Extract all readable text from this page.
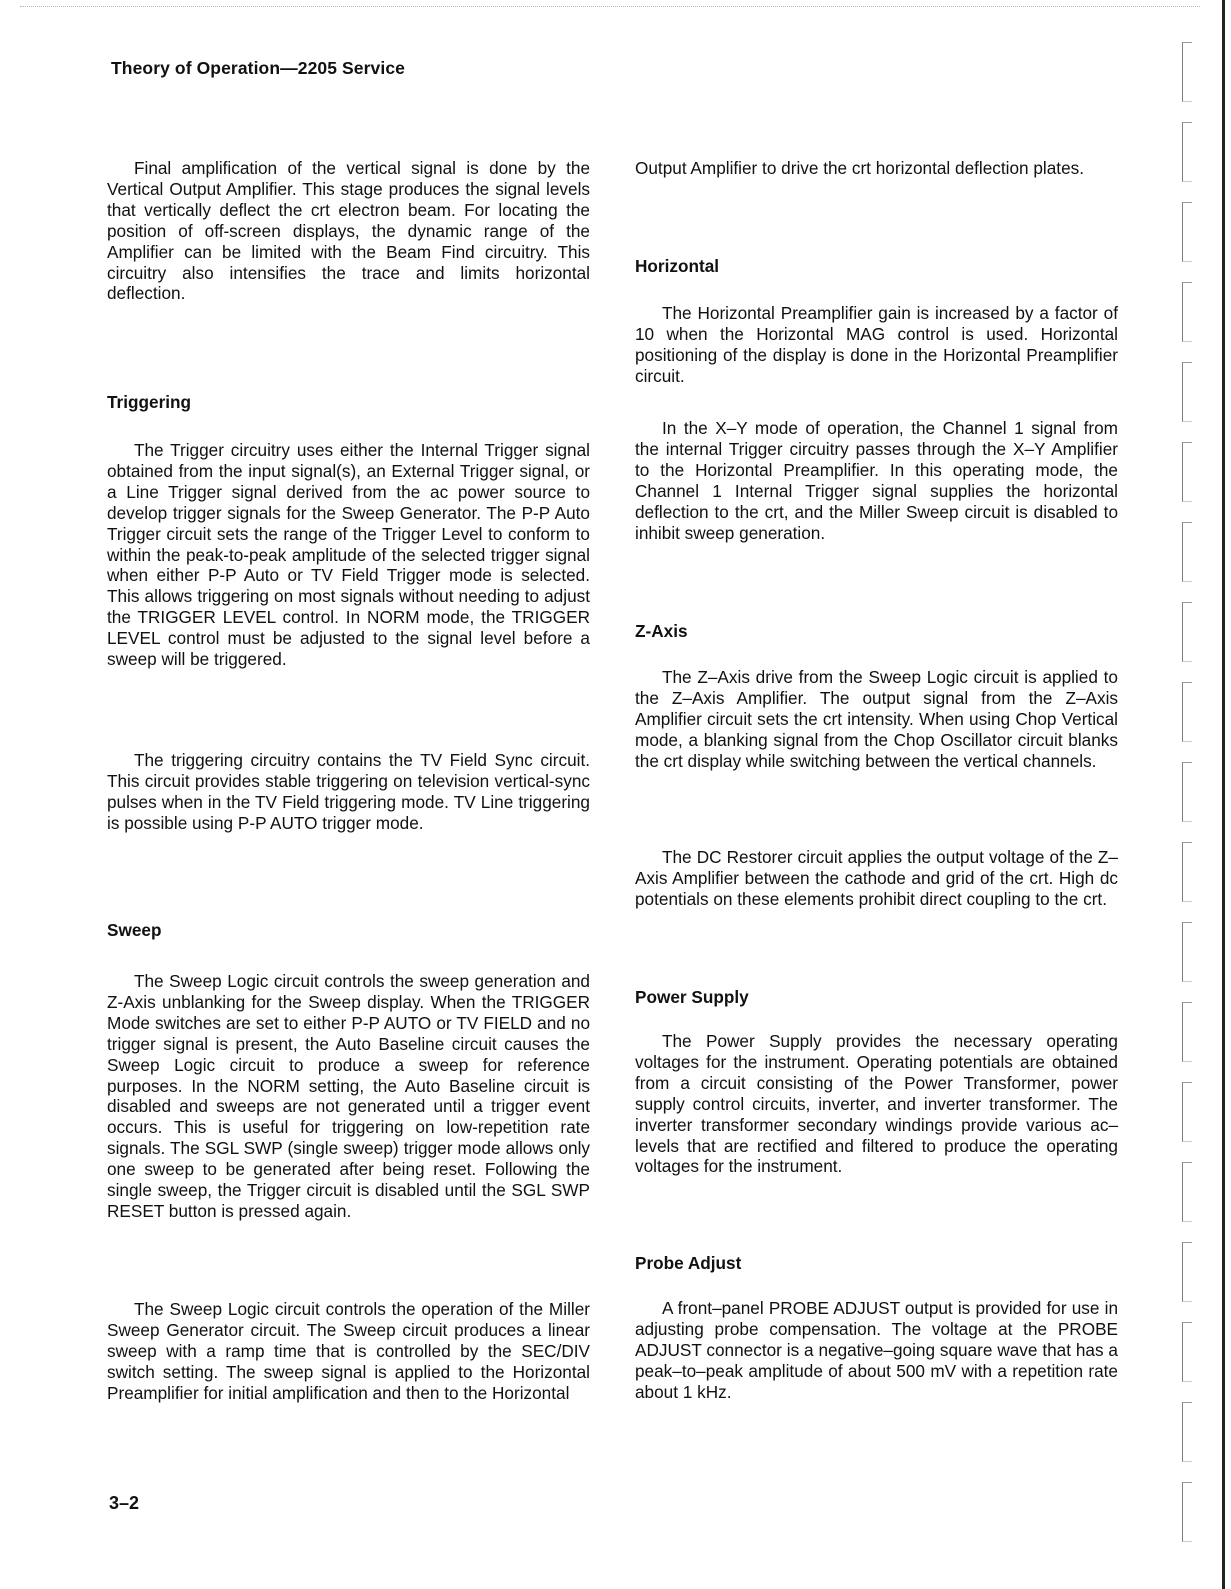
Theory of Operation—2205 Service

Final amplification of the vertical signal is done by the Vertical Output Amplifier. This stage produces the signal levels that vertically deflect the crt electron beam. For locating the position of off-screen displays, the dynamic range of the Amplifier can be limited with the Beam Find circuitry. This circuitry also intensifies the trace and limits horizontal deflection.

Triggering

The Trigger circuitry uses either the Internal Trigger signal obtained from the input signal(s), an External Trigger signal, or a Line Trigger signal derived from the ac power source to develop trigger signals for the Sweep Generator. The P-P Auto Trigger circuit sets the range of the Trigger Level to conform to within the peak-to-peak amplitude of the selected trigger signal when either P-P Auto or TV Field Trigger mode is selected. This allows triggering on most signals without needing to adjust the TRIGGER LEVEL control. In NORM mode, the TRIGGER LEVEL control must be adjusted to the signal level before a sweep will be triggered.

The triggering circuitry contains the TV Field Sync circuit. This circuit provides stable triggering on television vertical-sync pulses when in the TV Field triggering mode. TV Line triggering is possible using P-P AUTO trigger mode.

Sweep

The Sweep Logic circuit controls the sweep generation and Z-Axis unblanking for the Sweep display. When the TRIGGER Mode switches are set to either P-P AUTO or TV FIELD and no trigger signal is present, the Auto Baseline circuit causes the Sweep Logic circuit to produce a sweep for reference purposes. In the NORM setting, the Auto Baseline circuit is disabled and sweeps are not generated until a trigger event occurs. This is useful for triggering on low-repetition rate signals. The SGL SWP (single sweep) trigger mode allows only one sweep to be generated after being reset. Following the single sweep, the Trigger circuit is disabled until the SGL SWP RESET button is pressed again.

The Sweep Logic circuit controls the operation of the Miller Sweep Generator circuit. The Sweep circuit produces a linear sweep with a ramp time that is controlled by the SEC/DIV switch setting. The sweep signal is applied to the Horizontal Preamplifier for initial amplification and then to the Horizontal

Output Amplifier to drive the crt horizontal deflection plates.

Horizontal

The Horizontal Preamplifier gain is increased by a factor of 10 when the Horizontal MAG control is used. Horizontal positioning of the display is done in the Horizontal Preamplifier circuit.

In the X–Y mode of operation, the Channel 1 signal from the internal Trigger circuitry passes through the X–Y Amplifier to the Horizontal Preamplifier. In this operating mode, the Channel 1 Internal Trigger signal supplies the horizontal deflection to the crt, and the Miller Sweep circuit is disabled to inhibit sweep generation.

Z-Axis

The Z–Axis drive from the Sweep Logic circuit is applied to the Z–Axis Amplifier. The output signal from the Z–Axis Amplifier circuit sets the crt intensity. When using Chop Vertical mode, a blanking signal from the Chop Oscillator circuit blanks the crt display while switching between the vertical channels.

The DC Restorer circuit applies the output voltage of the Z–Axis Amplifier between the cathode and grid of the crt. High dc potentials on these elements prohibit direct coupling to the crt.

Power Supply

The Power Supply provides the necessary operating voltages for the instrument. Operating potentials are obtained from a circuit consisting of the Power Transformer, power supply control circuits, inverter, and inverter transformer. The inverter transformer secondary windings provide various ac–levels that are rectified and filtered to produce the operating voltages for the instrument.

Probe Adjust

A front–panel PROBE ADJUST output is provided for use in adjusting probe compensation. The voltage at the PROBE ADJUST connector is a negative–going square wave that has a peak–to–peak amplitude of about 500 mV with a repetition rate about 1 kHz.

3–2
